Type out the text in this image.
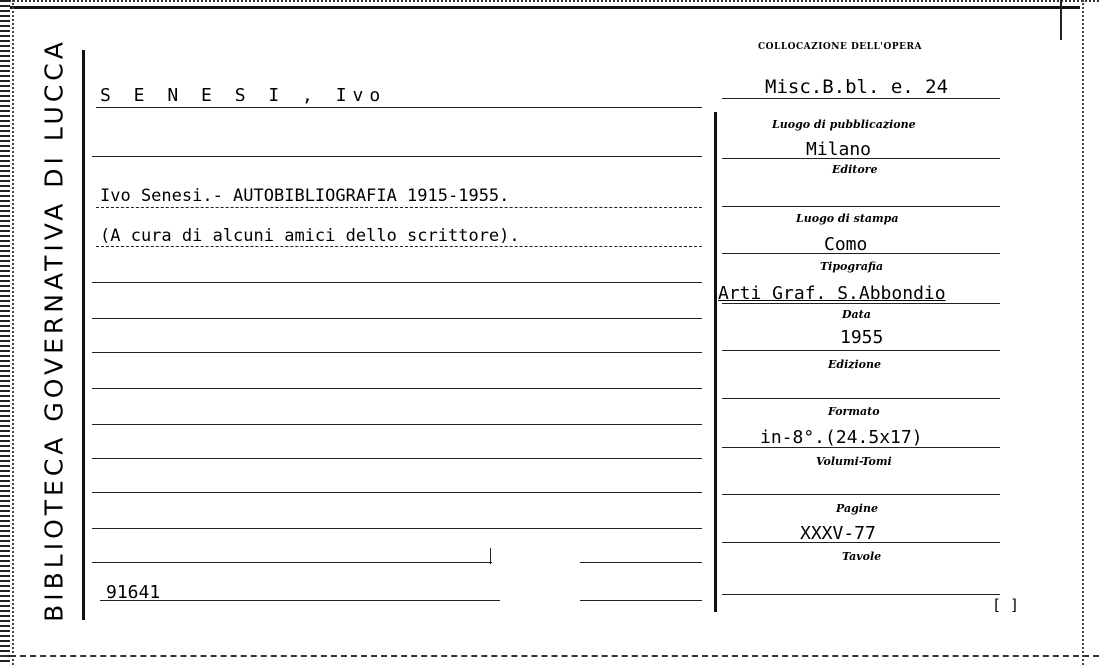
BIBLIOTECA GOVERNATIVA DI LUCCA	COLLOCAZIONE DELL'OPERA
Misc.B.bl. e. 24
S E N E S I , Ivo
Ivo Senesi.- AUTOBIBLIOGRAFIA 1915-1955.
(A cura di alcuni amici dello scrittore).
91641
Luogo di pubblicazione
Milano
Editore
Luogo di stampa
Como
Tipografia
Arti Graf. S.Abbondio
Data
1955
Edizione
Formato
in-8°.(24.5x17)
Volumi-Tomi
Pagine
XXXV-77
Tavole
[ ]
